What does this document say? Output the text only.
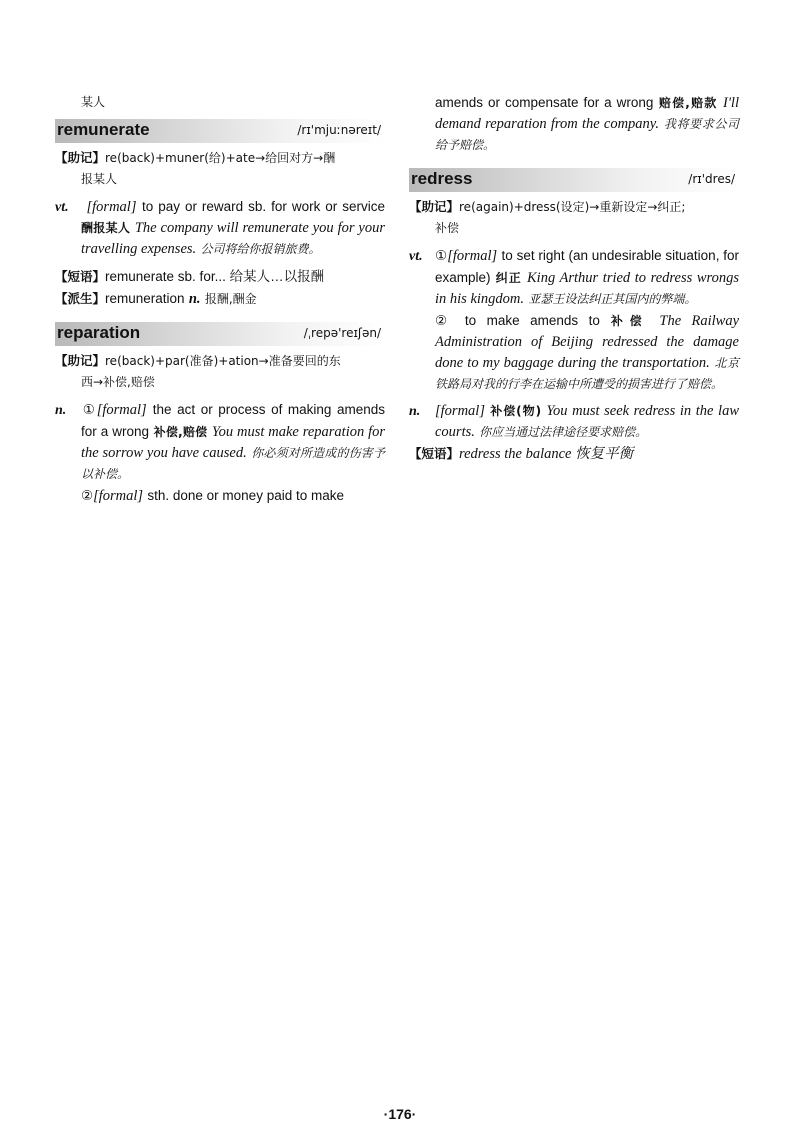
某人
remunerate	/rɪ'mjuːnəreɪt/
【助记】re(back)+muner(给)+ate→给回对方→酬
报某人
vt. [formal] to pay or reward sb. for work or service 酬报某人 The company will remunerate you for your travelling expenses. 公司将给你报销旅费。
【短语】remunerate sb. for... 给某人…以报酬
【派生】remuneration n. 报酬,酬金
reparation	/ˌrepə'reɪʃən/
【助记】re(back)+par(准备)+ation→准备要回的东
西→补偿,赔偿
n. ①[formal] the act or process of making amends for a wrong 补偿,赔偿 You must make reparation for the sorrow you have caused. 你必须对所造成的伤害予以补偿。
②[formal] sth. done or money paid to make
amends or compensate for a wrong 赔偿,赔款 I'll demand reparation from the company. 我将要求公司给予赔偿。
redress	/rɪ'dres/
【助记】re(again)+dress(设定)→重新设定→纠正;
补偿
vt. ①[formal] to set right (an undesirable situation, for example) 纠正 King Arthur tried to redress wrongs in his kingdom. 亚瑟王设法纠正其国内的弊端。
② to make amends to 补偿 The Railway Administration of Beijing redressed the damage done to my baggage during the transportation. 北京铁路局对我的行李在运输中所遭受的损害进行了赔偿。
n. [formal] 补偿(物) You must seek redress in the law courts. 你应当通过法律途径要求赔偿。
【短语】redress the balance 恢复平衡
·176·
